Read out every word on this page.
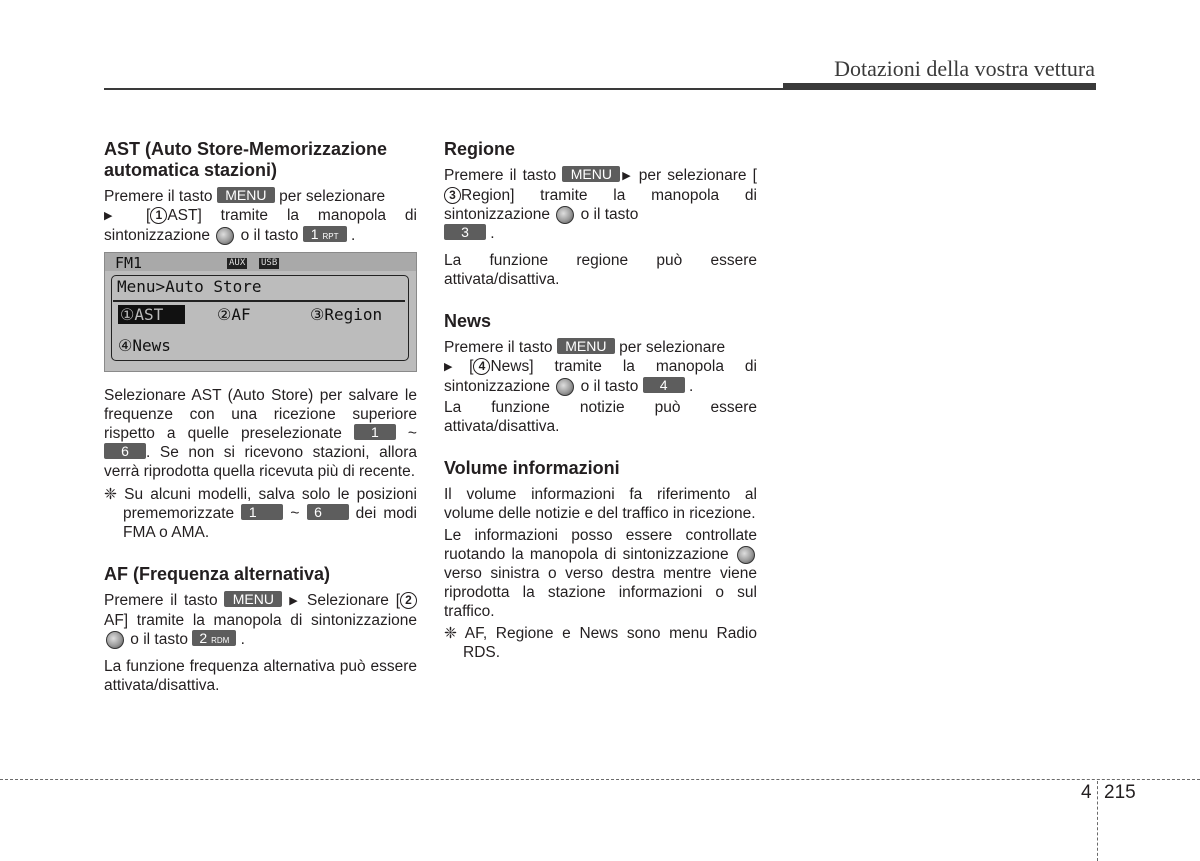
Dotazioni della vostra vettura
AST (Auto Store-Memorizzazione automatica stazioni)

Premere il tasto MENU per selezionare
▶ [ 1 AST] tramite la manopola di sintonizzazione  o il tasto 1 RPT .

FM1	AUX USB
Menu>Auto Store
①AST	②AF	③Region
④News

Selezionare AST (Auto Store) per salvare le frequenze con una ricezione superiore rispetto a quelle preselezionate 1 ~ 6 . Se non si ricevono stazioni, allora verrà riprodotta quella ricevuta più di recente.

❈ Su alcuni modelli, salva solo le posizioni prememorizzate 1 ~ 6 dei modi FMA o AMA.

AF (Frequenza alternativa)

Premere il tasto MENU ▶ Selezionare [ 2AF] tramite la manopola di sintonizzazione  o il tasto 2 RDM .

La funzione frequenza alternativa può essere attivata/disattiva.

Regione

Premere il tasto MENU ▶ per selezionare [3 Region] tramite la manopola di sintonizzazione  o il tasto
3 .

La funzione regione può essere attivata/disattiva.

News

Premere il tasto MENU per selezionare
▶[ 4 News] tramite la manopola di sintonizzazione  o il tasto 4 .

La funzione notizie può essere attivata/disattiva.

Volume informazioni

Il volume informazioni fa riferimento al volume delle notizie e del traffico in ricezione.

Le informazioni posso essere controllate ruotando la manopola di sintonizzazione  verso sinistra o verso destra mentre viene riprodotta la stazione informazioni o sul traffico.

❈ AF, Regione e News sono menu Radio RDS.

4 215
